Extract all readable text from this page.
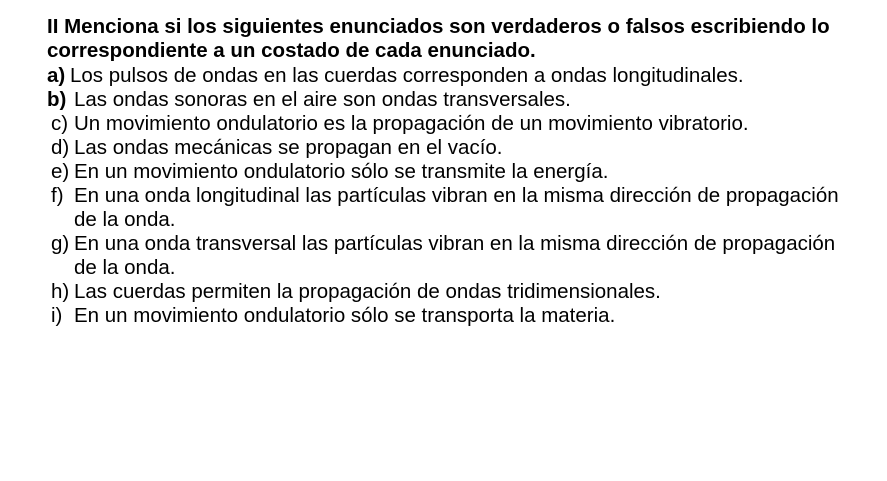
II Menciona si los siguientes enunciados son verdaderos o falsos escribiendo lo correspondiente a un costado de cada enunciado.
a) Los pulsos de ondas en las cuerdas corresponden a ondas longitudinales.
b) Las ondas sonoras en el aire son ondas transversales.
c) Un movimiento ondulatorio es la propagación de un movimiento vibratorio.
d) Las ondas mecánicas se propagan en el vacío.
e) En un movimiento ondulatorio sólo se transmite la energía.
f) En una onda longitudinal las partículas vibran en la misma dirección de propagación de la onda.
g) En una onda transversal las partículas vibran en la misma dirección de propagación de la onda.
h) Las cuerdas permiten la propagación de ondas tridimensionales.
i) En un movimiento ondulatorio sólo se transporta la materia.
